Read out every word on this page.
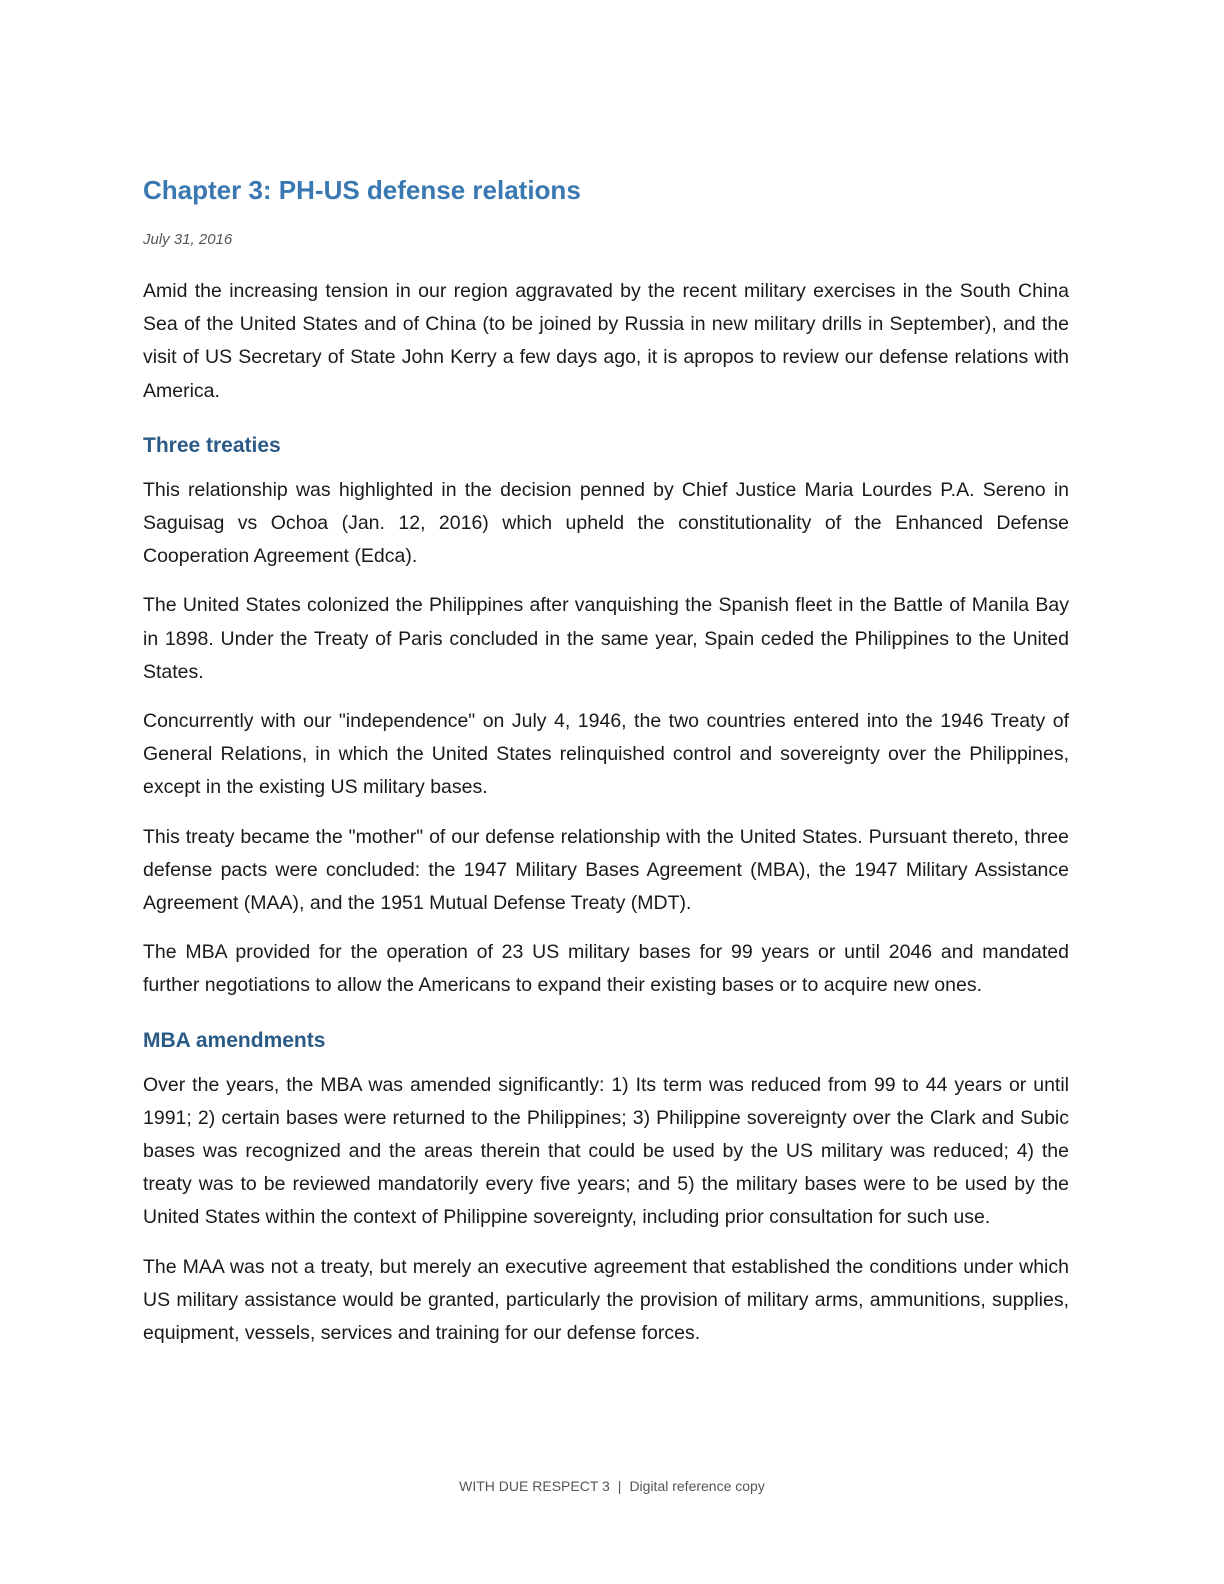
Chapter 3: PH-US defense relations
July 31, 2016

Amid the increasing tension in our region aggravated by the recent military exercises in the South China Sea of the United States and of China (to be joined by Russia in new military drills in September), and the visit of US Secretary of State John Kerry a few days ago, it is apropos to review our defense relations with America.

Three treaties

This relationship was highlighted in the decision penned by Chief Justice Maria Lourdes P.A. Sereno in Saguisag vs Ochoa (Jan. 12, 2016) which upheld the constitutionality of the Enhanced Defense Cooperation Agreement (Edca).

The United States colonized the Philippines after vanquishing the Spanish fleet in the Battle of Manila Bay in 1898. Under the Treaty of Paris concluded in the same year, Spain ceded the Philippines to the United States.

Concurrently with our "independence" on July 4, 1946, the two countries entered into the 1946 Treaty of General Relations, in which the United States relinquished control and sovereignty over the Philippines, except in the existing US military bases.

This treaty became the "mother" of our defense relationship with the United States. Pursuant thereto, three defense pacts were concluded: the 1947 Military Bases Agreement (MBA), the 1947 Military Assistance Agreement (MAA), and the 1951 Mutual Defense Treaty (MDT).

The MBA provided for the operation of 23 US military bases for 99 years or until 2046 and mandated further negotiations to allow the Americans to expand their existing bases or to acquire new ones.

MBA amendments

Over the years, the MBA was amended significantly: 1) Its term was reduced from 99 to 44 years or until 1991; 2) certain bases were returned to the Philippines; 3) Philippine sovereignty over the Clark and Subic bases was recognized and the areas therein that could be used by the US military was reduced; 4) the treaty was to be reviewed mandatorily every five years; and 5) the military bases were to be used by the United States within the context of Philippine sovereignty, including prior consultation for such use.

The MAA was not a treaty, but merely an executive agreement that established the conditions under which US military assistance would be granted, particularly the provision of military arms, ammunitions, supplies, equipment, vessels, services and training for our defense forces.

WITH DUE RESPECT 3 | Digital reference copy
